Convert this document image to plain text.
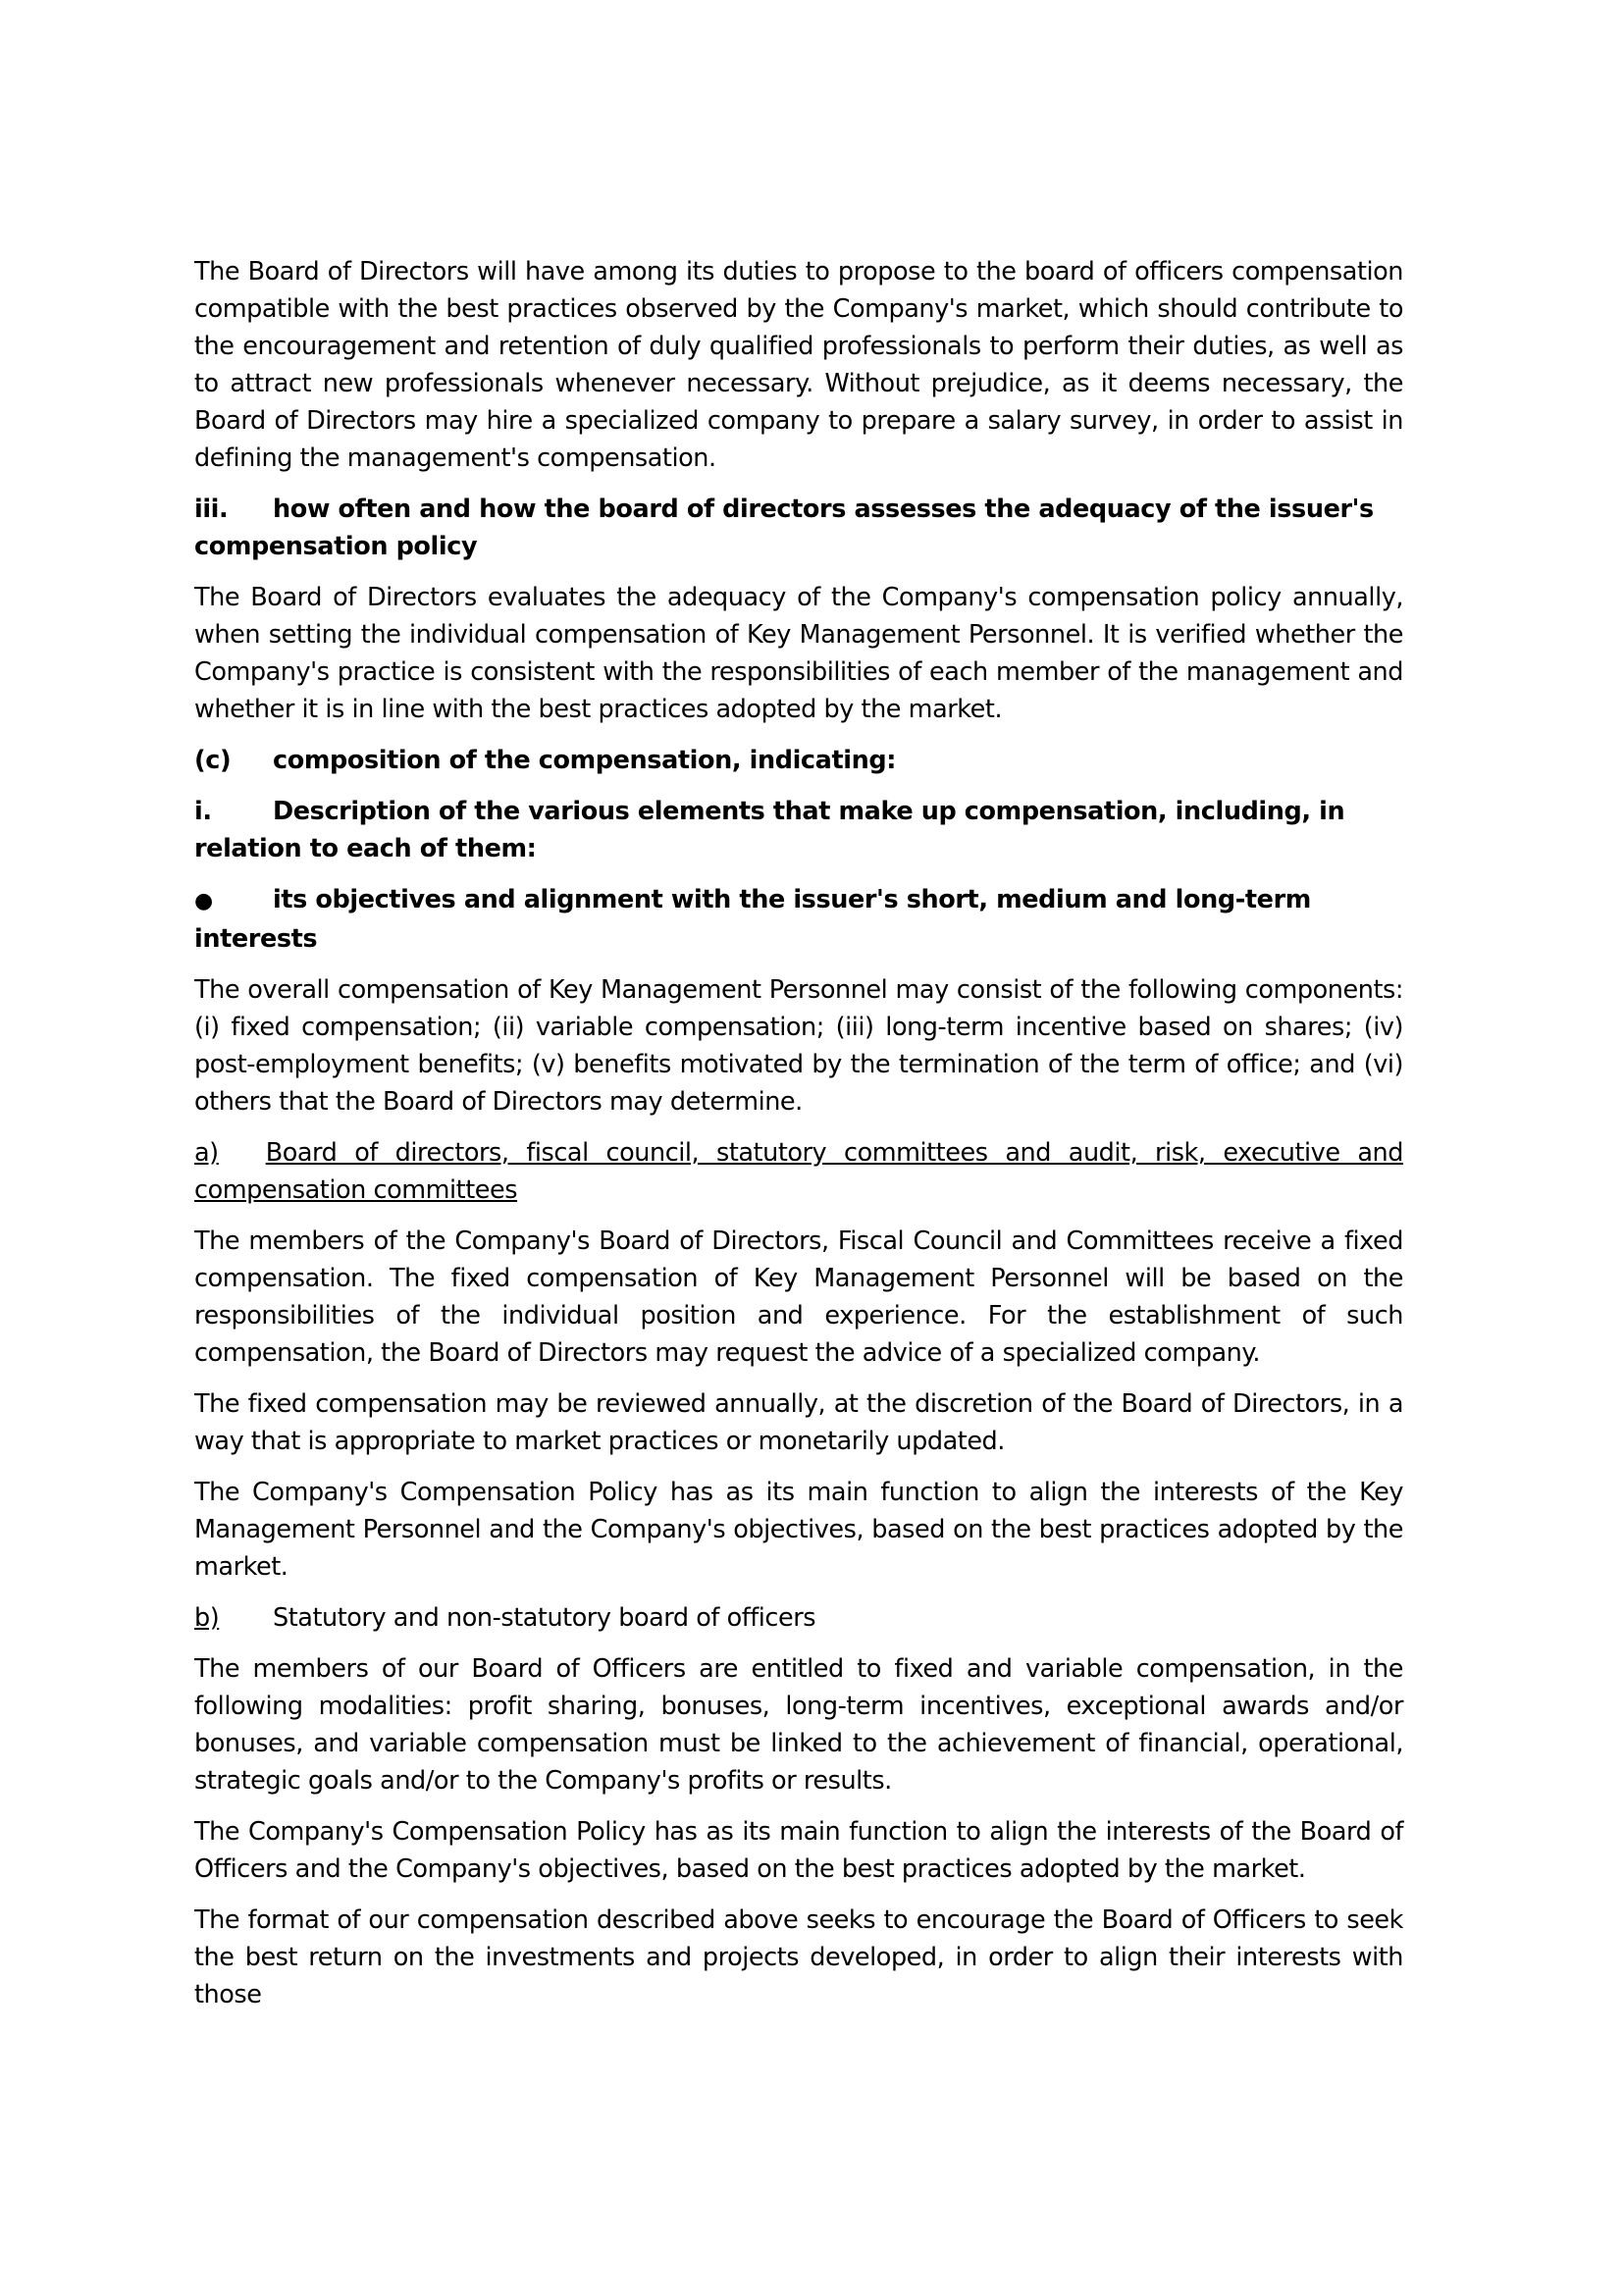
The Board of Directors will have among its duties to propose to the board of officers compensation compatible with the best practices observed by the Company's market, which should contribute to the encouragement and retention of duly qualified professionals to perform their duties, as well as to attract new professionals whenever necessary. Without prejudice, as it deems necessary, the Board of Directors may hire a specialized company to prepare a salary survey, in order to assist in defining the management's compensation.

iii. how often and how the board of directors assesses the adequacy of the issuer's compensation policy

The Board of Directors evaluates the adequacy of the Company's compensation policy annually, when setting the individual compensation of Key Management Personnel. It is verified whether the Company's practice is consistent with the responsibilities of each member of the management and whether it is in line with the best practices adopted by the market.

(c) composition of the compensation, indicating:
i. Description of the various elements that make up compensation, including, in relation to each of them:
● its objectives and alignment with the issuer's short, medium and long-term interests

The overall compensation of Key Management Personnel may consist of the following components: (i) fixed compensation; (ii) variable compensation; (iii) long-term incentive based on shares; (iv) post-employment benefits; (v) benefits motivated by the termination of the term of office; and (vi) others that the Board of Directors may determine.

a) Board of directors, fiscal council, statutory committees and audit, risk, executive and compensation committees

The members of the Company's Board of Directors, Fiscal Council and Committees receive a fixed compensation. The fixed compensation of Key Management Personnel will be based on the responsibilities of the individual position and experience. For the establishment of such compensation, the Board of Directors may request the advice of a specialized company.

The fixed compensation may be reviewed annually, at the discretion of the Board of Directors, in a way that is appropriate to market practices or monetarily updated.

The Company's Compensation Policy has as its main function to align the interests of the Key Management Personnel and the Company's objectives, based on the best practices adopted by the market.

b) Statutory and non-statutory board of officers

The members of our Board of Officers are entitled to fixed and variable compensation, in the following modalities: profit sharing, bonuses, long-term incentives, exceptional awards and/or bonuses, and variable compensation must be linked to the achievement of financial, operational, strategic goals and/or to the Company's profits or results.

The Company's Compensation Policy has as its main function to align the interests of the Board of Officers and the Company's objectives, based on the best practices adopted by the market.

The format of our compensation described above seeks to encourage the Board of Officers to seek the best return on the investments and projects developed, in order to align their interests with those
